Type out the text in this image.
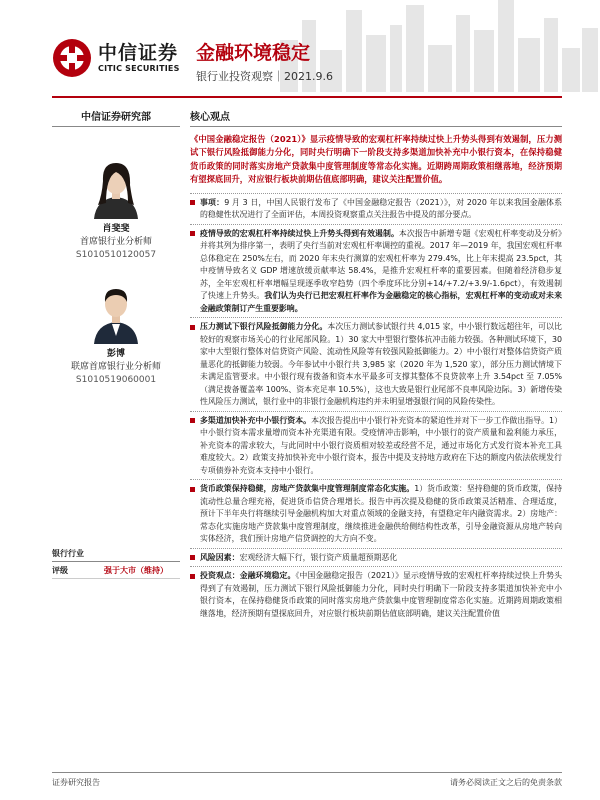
中信证券
CITIC SECURITIES
金融环境稳定
银行业投资观察｜2021.9.6
中信证券研究部
肖斐斐
首席银行业分析师
S1010510120057
彭博
联席首席银行业分析师
S1010519060001
银行行业
评级	强于大市（维持）
核心观点
《中国金融稳定报告（2021）》显示疫情导致的宏观杠杆率持续过快上升势头得到有效遏制，压力测试下银行风险抵御能力分化，同时央行明确下一阶段支持多渠道加快补充中小银行资本，在保持稳健货币政策的同时落实房地产贷款集中度管理制度等常态化实施。近期跨周期政策相继落地，经济预期有望探底回升，对应银行板块前期估值底部明确，建议关注配置价值。
事项：9 月 3 日，中国人民银行发布了《中国金融稳定报告（2021）》，对 2020 年以来我国金融体系的稳健性状况进行了全面评估，本周投资观察重点关注报告中提及的部分要点。
疫情导致的宏观杠杆率持续过快上升势头得到有效遏制。本次报告中新增专题《宏观杠杆率变动及分析》并将其列为排序第一，表明了央行当前对宏观杠杆率调控的重视。2017 年—2019 年，我国宏观杠杆率总体稳定在 250%左右，而 2020 年末央行测算的宏观杠杆率为 279.4%，比上年末提高 23.5pct，其中疫情导致名义 GDP 增速放缓贡献率达 58.4%，是推升宏观杠杆率的重要因素。但随着经济稳步复苏，全年宏观杠杆率增幅呈现逐季收窄趋势（四个季度环比分别+14/+7.2/+3.9/-1.6pct），有效遏制了快速上升势头。我们认为央行已把宏观杠杆率作为金融稳定的核心指标，宏观杠杆率的变动或对未来金融政策制订产生重要影响。
压力测试下银行风险抵御能力分化。本次压力测试参试银行共 4,015 家，中小银行数远超往年，可以比较好的观察市场关心的行业尾部风险。1）30 家大中型银行整体抗冲击能力较强。各种测试环境下，30 家中大型银行整体对信贷资产风险、流动性风险等有较强风险抵御能力。2）中小银行对整体信贷资产质量恶化的抵御能力较弱。今年参试中小银行共 3,985 家（2020 年为 1,520 家），部分压力测试情境下未满足监管要求。中小银行现有拨备和资本水平最多可支撑其整体不良贷款率上升 3.54pct 至 7.05%（满足拨备覆盖率 100%、资本充足率 10.5%），这也大致是银行业尾部不良率风险边际。3）新增传染性风险压力测试，银行业中的非银行金融机构违约并未明显增强银行间的风险传染性。
多渠道加快补充中小银行资本。本次报告提出中小银行补充资本的紧迫性并对下一步工作做出指导。1）中小银行资本需求量增而资本补充渠道有限。受疫情冲击影响，中小银行的资产质量和盈利能力承压，补充资本的需求较大，与此同时中小银行资质相对较差或经营不足，通过市场化方式发行资本补充工具难度较大。2）政策支持加快补充中小银行资本，报告中提及支持地方政府在下达的额度内依法依规发行专项债券补充资本支持中小银行。
货币政策保持稳健，房地产贷款集中度管理制度常态化实施。1）货币政策：坚持稳健的货币政策，保持流动性总量合理充裕，促进货币信贷合理增长。报告中再次提及稳健的货币政策灵活精准、合理适度，预计下半年央行将继续引导金融机构加大对重点领域的金融支持，有望稳定年内融资需求。2）房地产：常态化实施房地产贷款集中度管理制度，继续推进金融供给侧结构性改革，引导金融资源从房地产转向实体经济，我们预计房地产信贷调控的大方向不变。
风险因素：宏观经济大幅下行，银行资产质量超预期恶化
投资观点：金融环境稳定。《中国金融稳定报告（2021）》显示疫情导致的宏观杠杆率持续过快上升势头得到了有效遏制，压力测试下银行风险抵御能力分化，同时央行明确下一阶段支持多渠道加快补充中小银行资本，在保持稳健货币政策的同时落实房地产贷款集中度管理制度常态化实施。近期跨周期政策相继落地，经济预期有望探底回升，对应银行板块前期估值底部明确，建议关注配置价值
证券研究报告	请务必阅读正文之后的免责条款
